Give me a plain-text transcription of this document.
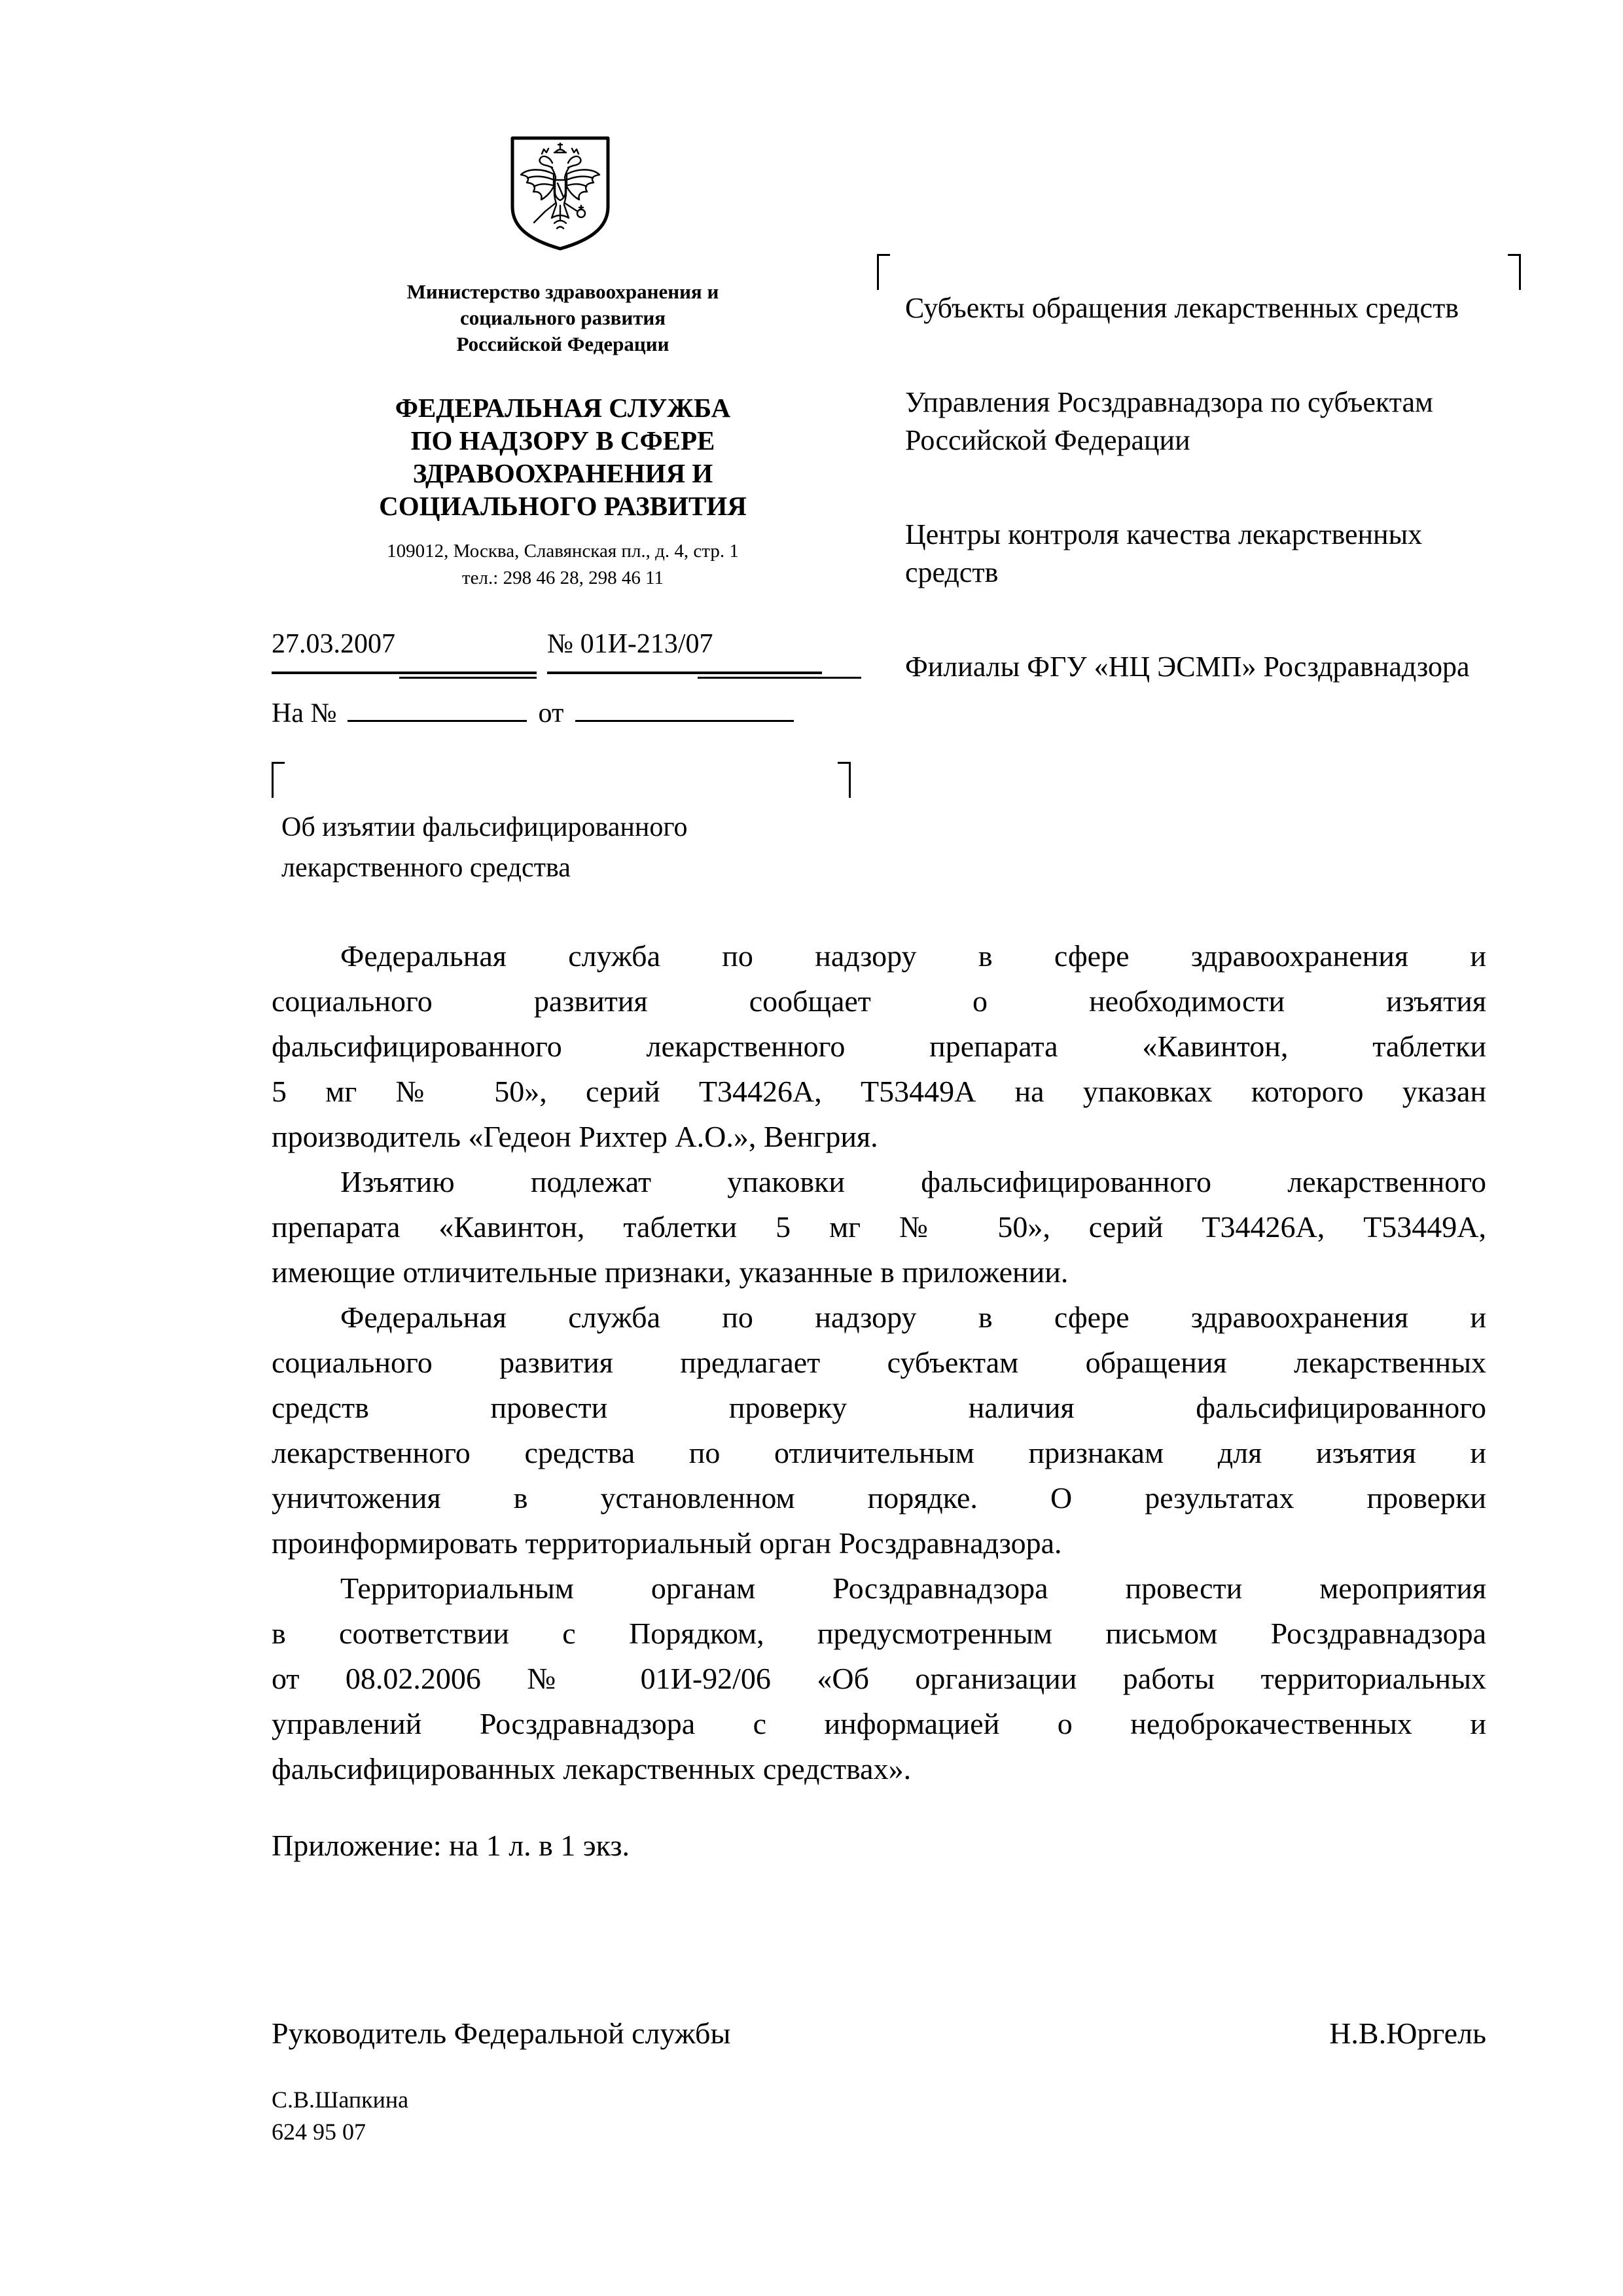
Министерство здравоохранения и
социального развития
Российской Федерации
ФЕДЕРАЛЬНАЯ СЛУЖБА
ПО НАДЗОРУ В СФЕРЕ
ЗДРАВООХРАНЕНИЯ И
СОЦИАЛЬНОГО РАЗВИТИЯ
109012, Москва, Славянская пл., д. 4, стр. 1
тел.: 298 46 28, 298 46 11
27.03.2007	№ 01И-213/07
На №	от

Субъекты обращения лекарственных средств

Управления Росздравнадзора по субъектам Российской Федерации

Центры контроля качества лекарственных средств

Филиалы ФГУ «НЦ ЭСМП» Росздравнадзора

Об изъятии фальсифицированного лекарственного средства
Федеральная служба по надзору в сфере здравоохранения и
социального развития сообщает о необходимости изъятия
фальсифицированного лекарственного препарата «Кавинтон, таблетки
5 мг № 50», серий Т34426А, Т53449А на упаковках которого указан
производитель «Гедеон Рихтер А.О.», Венгрия.
Изъятию подлежат упаковки фальсифицированного лекарственного
препарата «Кавинтон, таблетки 5 мг № 50», серий Т34426А, Т53449А,
имеющие отличительные признаки, указанные в приложении.
Федеральная служба по надзору в сфере здравоохранения и
социального развития предлагает субъектам обращения лекарственных
средств провести проверку наличия фальсифицированного
лекарственного средства по отличительным признакам для изъятия и
уничтожения в установленном порядке. О результатах проверки
проинформировать территориальный орган Росздравнадзора.
Территориальным органам Росздравнадзора провести мероприятия
в соответствии с Порядком, предусмотренным письмом Росздравнадзора
от 08.02.2006 № 01И-92/06 «Об организации работы территориальных
управлений Росздравнадзора с информацией о недоброкачественных и
фальсифицированных лекарственных средствах».
Приложение: на 1 л. в 1 экз.
Руководитель Федеральной службы	Н.В.Юргель
С.В.Шапкина
624 95 07
